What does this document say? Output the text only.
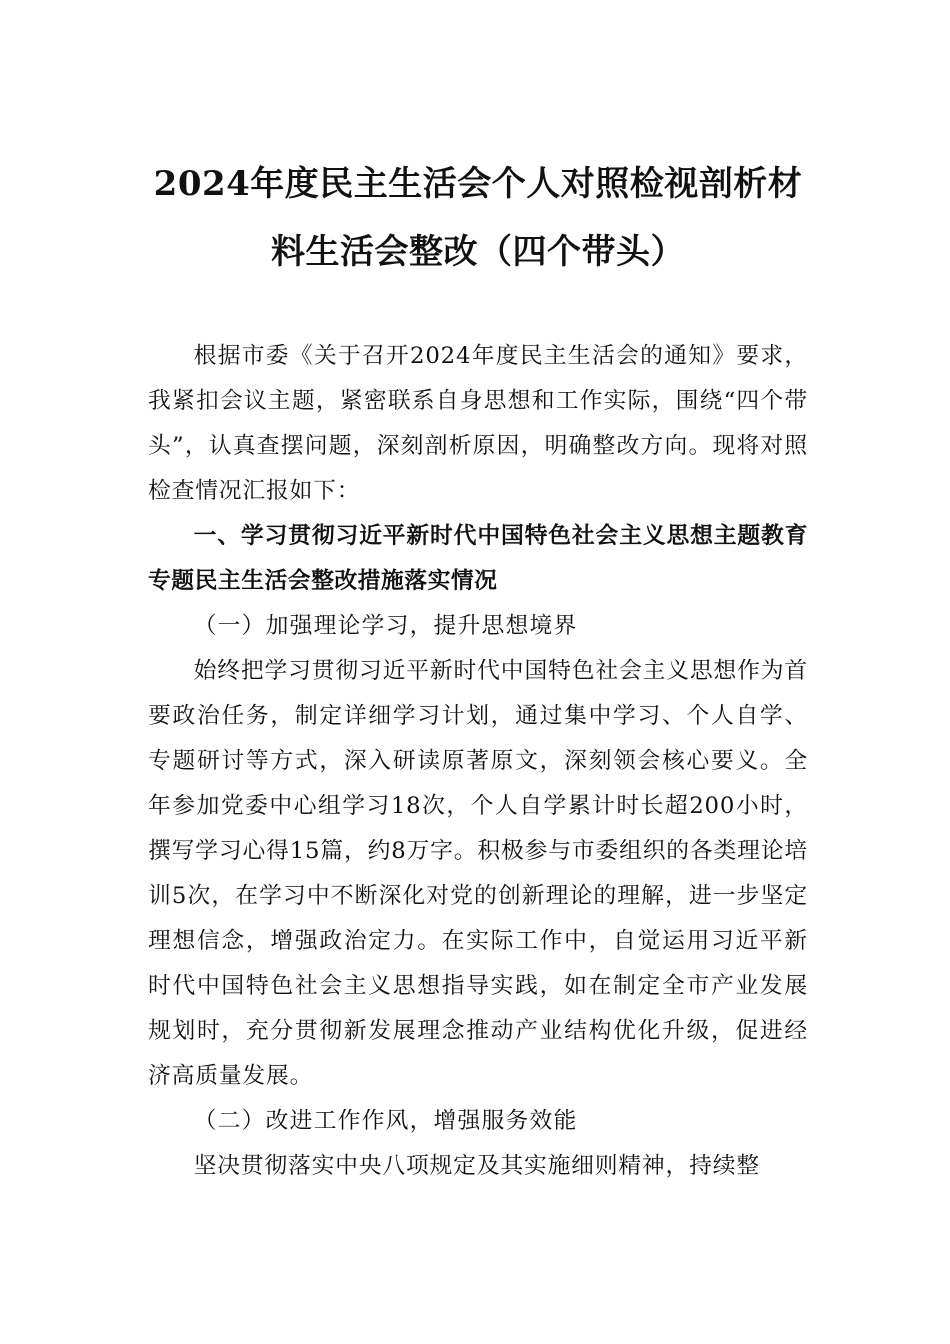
2024年度民主生活会个人对照检视剖析材料生活会整改（四个带头）

根据市委《关于召开2024年度民主生活会的通知》要求，我紧扣会议主题，紧密联系自身思想和工作实际，围绕“四个带头”，认真查摆问题，深刻剖析原因，明确整改方向。现将对照检查情况汇报如下：

一、学习贯彻习近平新时代中国特色社会主义思想主题教育专题民主生活会整改措施落实情况

（一）加强理论学习，提升思想境界

始终把学习贯彻习近平新时代中国特色社会主义思想作为首要政治任务，制定详细学习计划，通过集中学习、个人自学、专题研讨等方式，深入研读原著原文，深刻领会核心要义。全年参加党委中心组学习18次，个人自学累计时长超200小时，撰写学习心得15篇，约8万字。积极参与市委组织的各类理论培训5次，在学习中不断深化对党的创新理论的理解，进一步坚定理想信念，增强政治定力。在实际工作中，自觉运用习近平新时代中国特色社会主义思想指导实践，如在制定全市产业发展规划时，充分贯彻新发展理念推动产业结构优化升级，促进经济高质量发展。

（二）改进工作作风，增强服务效能

坚决贯彻落实中央八项规定及其实施细则精神，持续整
